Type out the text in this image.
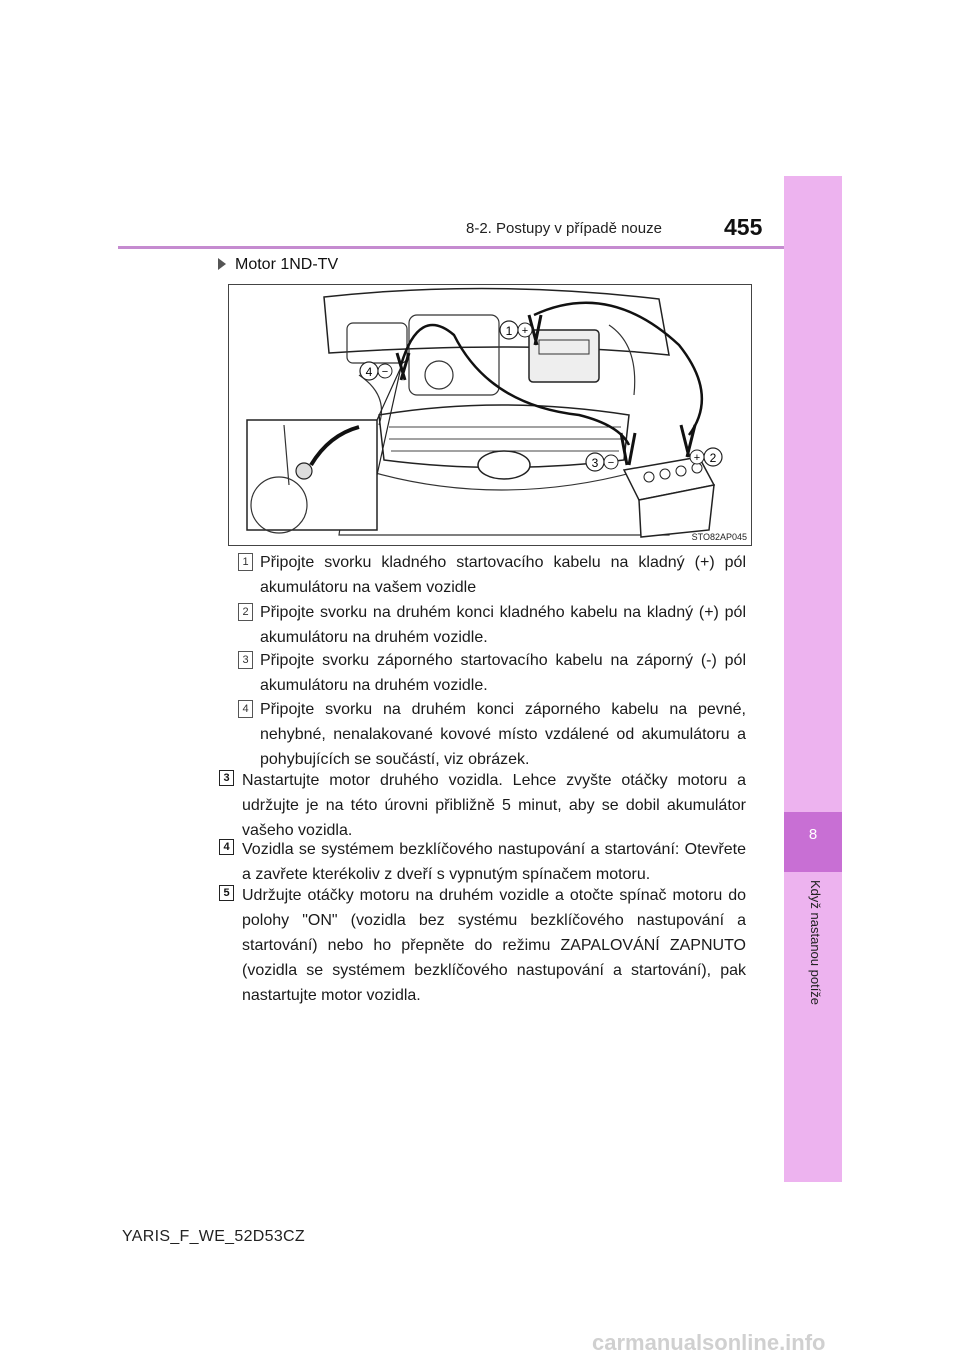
8-2. Postupy v případě nouze	455
8
Když nastanou potíže
Motor 1ND-TV
1 +
2
+
3 −
4 −
STO82AP045
1 Připojte svorku kladného startovacího kabelu na kladný (+) pól akumulátoru na vašem vozidle
2 Připojte svorku na druhém konci kladného kabelu na kladný (+) pól akumulátoru na druhém vozidle.
3 Připojte svorku záporného startovacího kabelu na záporný (-) pól akumulátoru na druhém vozidle.
4 Připojte svorku na druhém konci záporného kabelu na pevné, nehybné, nenalakované kovové místo vzdálené od akumulátoru a pohybujících se součástí, viz obrázek.
3 Nastartujte motor druhého vozidla. Lehce zvyšte otáčky motoru a udržujte je na této úrovni přibližně 5 minut, aby se dobil akumulátor vašeho vozidla.
4 Vozidla se systémem bezklíčového nastupování a startování: Otevřete a zavřete kterékoliv z dveří s vypnutým spínačem motoru.
5 Udržujte otáčky motoru na druhém vozidle a otočte spínač motoru do polohy "ON" (vozidla bez systému bezklíčového nastupování a startování) nebo ho přepněte do režimu ZAPALOVÁNÍ ZAPNUTO (vozidla se systémem bezklíčového nastupování a startování), pak nastartujte motor vozidla.
YARIS_F_WE_52D53CZ
carmanualsonline.info
